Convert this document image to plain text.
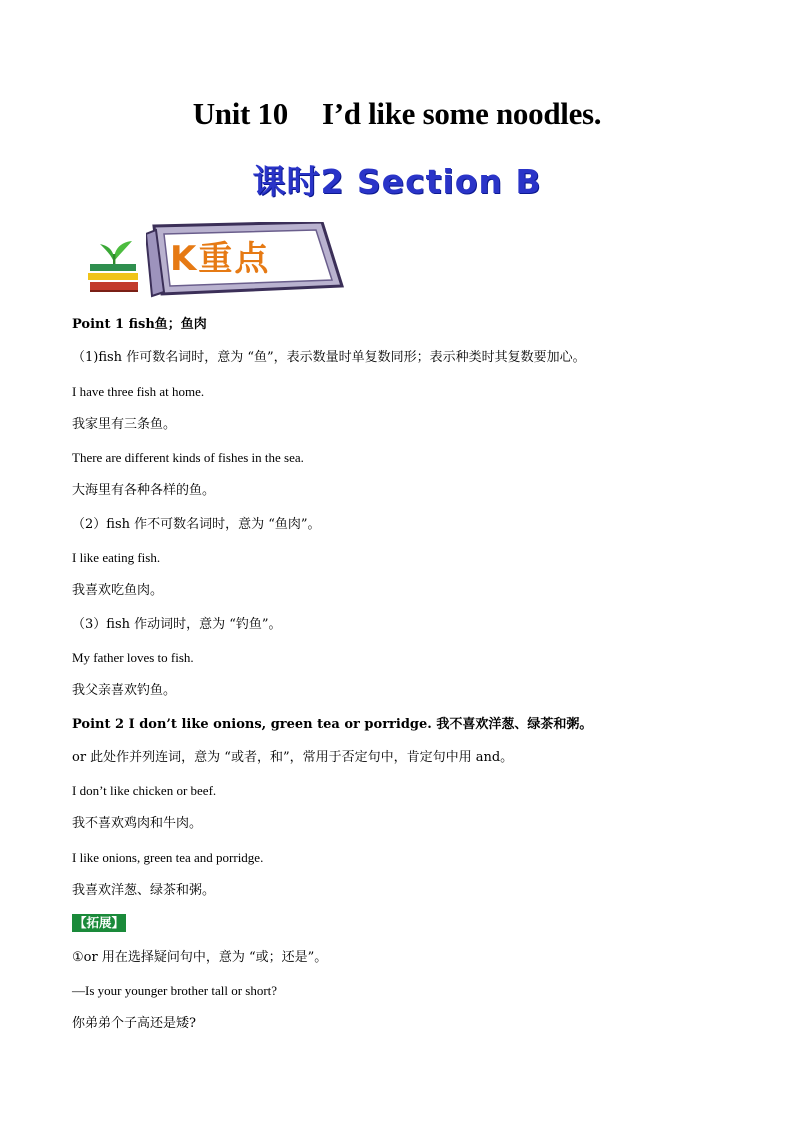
Unit 10 I’d like some noodles.
课时2 Section B
K重点
Point 1 fish鱼；鱼肉
（1)fish 作可数名词时，意为 “鱼”，表示数量时单复数同形；表示种类时其复数要加心。
I have three fish at home.
我家里有三条鱼。
There are different kinds of fishes in the sea.
大海里有各种各样的鱼。
（2）fish 作不可数名词时，意为 “鱼肉”。
I like eating fish.
我喜欢吃鱼肉。
（3）fish 作动词时，意为 “钓鱼”。
My father loves to fish.
我父亲喜欢钓鱼。
Point 2 I don’t like onions, green tea or porridge. 我不喜欢洋葱、绿茶和粥。
or 此处作并列连词，意为 “或者，和”，常用于否定句中，肯定句中用 and。
I don’t like chicken or beef.
我不喜欢鸡肉和牛肉。
I like onions, green tea and porridge.
我喜欢洋葱、绿茶和粥。
【拓展】
①or 用在选择疑问句中，意为 “或；还是”。
—Is your younger brother tall or short?
你弟弟个子高还是矮?
